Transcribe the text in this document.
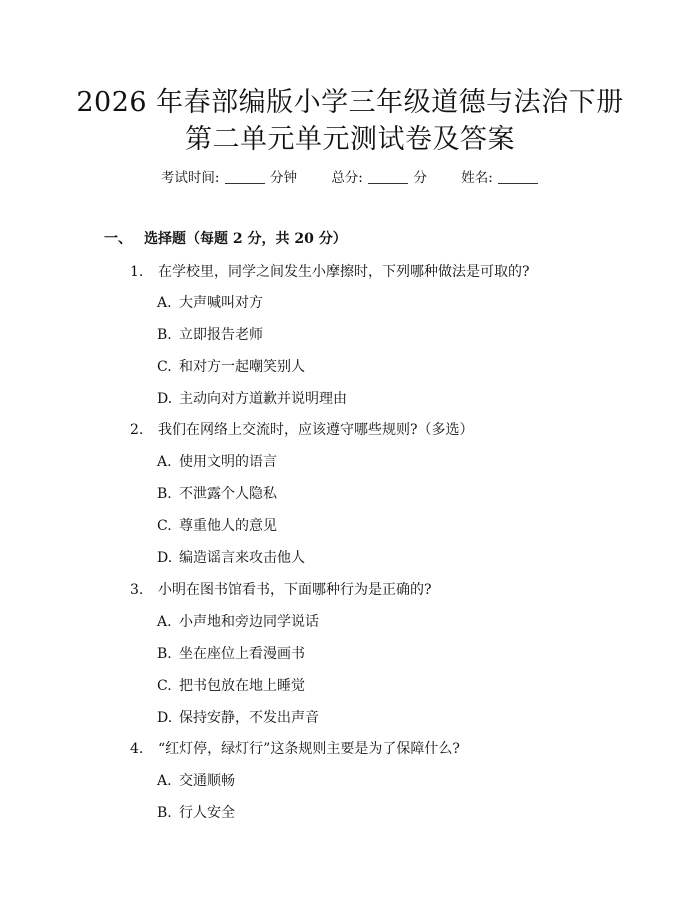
2026 年春部编版小学三年级道德与法治下册
第二单元单元测试卷及答案
考试时间:	分钟	总分:	分	姓名:
一、 选择题（每题 2 分，共 20 分）
1. 在学校里，同学之间发生小摩擦时，下列哪种做法是可取的?
A. 大声喊叫对方
B. 立即报告老师
C. 和对方一起嘲笑别人
D. 主动向对方道歉并说明理由
2. 我们在网络上交流时，应该遵守哪些规则?（多选）
A. 使用文明的语言
B. 不泄露个人隐私
C. 尊重他人的意见
D. 编造谣言来攻击他人
3. 小明在图书馆看书，下面哪种行为是正确的?
A. 小声地和旁边同学说话
B. 坐在座位上看漫画书
C. 把书包放在地上睡觉
D. 保持安静，不发出声音
4. “红灯停，绿灯行”这条规则主要是为了保障什么?
A. 交通顺畅
B. 行人安全
